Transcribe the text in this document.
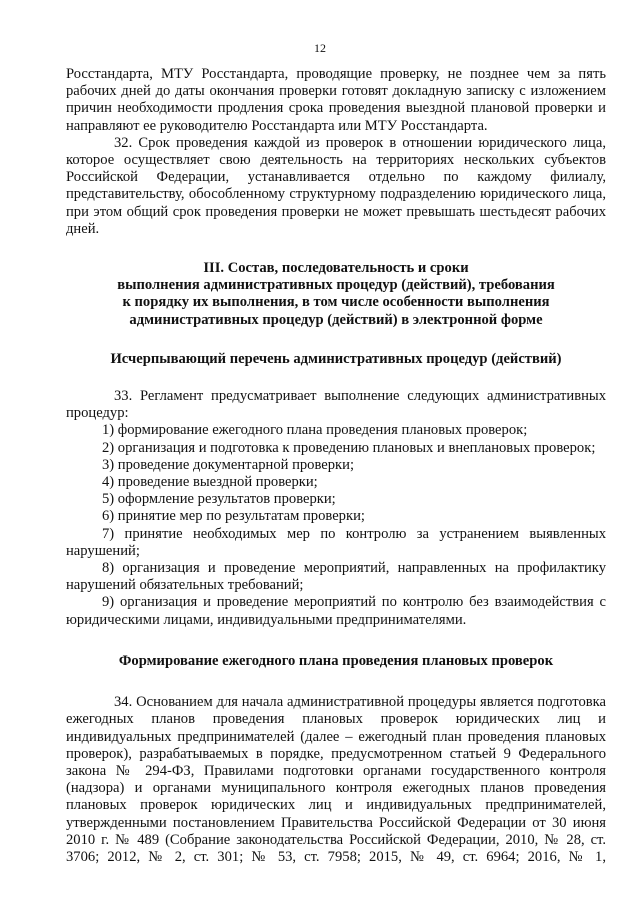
12

Росстандарта, МТУ Росстандарта, проводящие проверку, не позднее чем за пять рабочих дней до даты окончания проверки готовят докладную записку с изложением причин необходимости продления срока проведения выездной плановой проверки и направляют ее руководителю Росстандарта или МТУ Росстандарта.

32. Срок проведения каждой из проверок в отношении юридического лица, которое осуществляет свою деятельность на территориях нескольких субъектов Российской Федерации, устанавливается отдельно по каждому филиалу, представительству, обособленному структурному подразделению юридического лица, при этом общий срок проведения проверки не может превышать шестьдесят рабочих дней.

III. Состав, последовательность и сроки
выполнения административных процедур (действий), требования
к порядку их выполнения, в том числе особенности выполнения
административных процедур (действий) в электронной форме

Исчерпывающий перечень административных процедур (действий)

33. Регламент предусматривает выполнение следующих административных процедур:

1) формирование ежегодного плана проведения плановых проверок;

2) организация и подготовка к проведению плановых и внеплановых проверок;

3) проведение документарной проверки;

4) проведение выездной проверки;

5) оформление результатов проверки;

6) принятие мер по результатам проверки;

7) принятие необходимых мер по контролю за устранением выявленных нарушений;

8) организация и проведение мероприятий, направленных на профилактику нарушений обязательных требований;

9) организация и проведение мероприятий по контролю без взаимодействия с юридическими лицами, индивидуальными предпринимателями.

Формирование ежегодного плана проведения плановых проверок

34. Основанием для начала административной процедуры является подготовка ежегодных планов проведения плановых проверок юридических лиц и индивидуальных предпринимателей (далее – ежегодный план проведения плановых проверок), разрабатываемых в порядке, предусмотренном статьей 9 Федерального закона № 294-ФЗ, Правилами подготовки органами государственного контроля (надзора) и органами муниципального контроля ежегодных планов проведения плановых проверок юридических лиц и индивидуальных предпринимателей, утвержденными постановлением Правительства Российской Федерации от 30 июня 2010 г. № 489 (Собрание законодательства Российской Федерации, 2010, № 28, ст. 3706; 2012, № 2, ст. 301; № 53, ст. 7958; 2015, № 49, ст. 6964; 2016, № 1,
